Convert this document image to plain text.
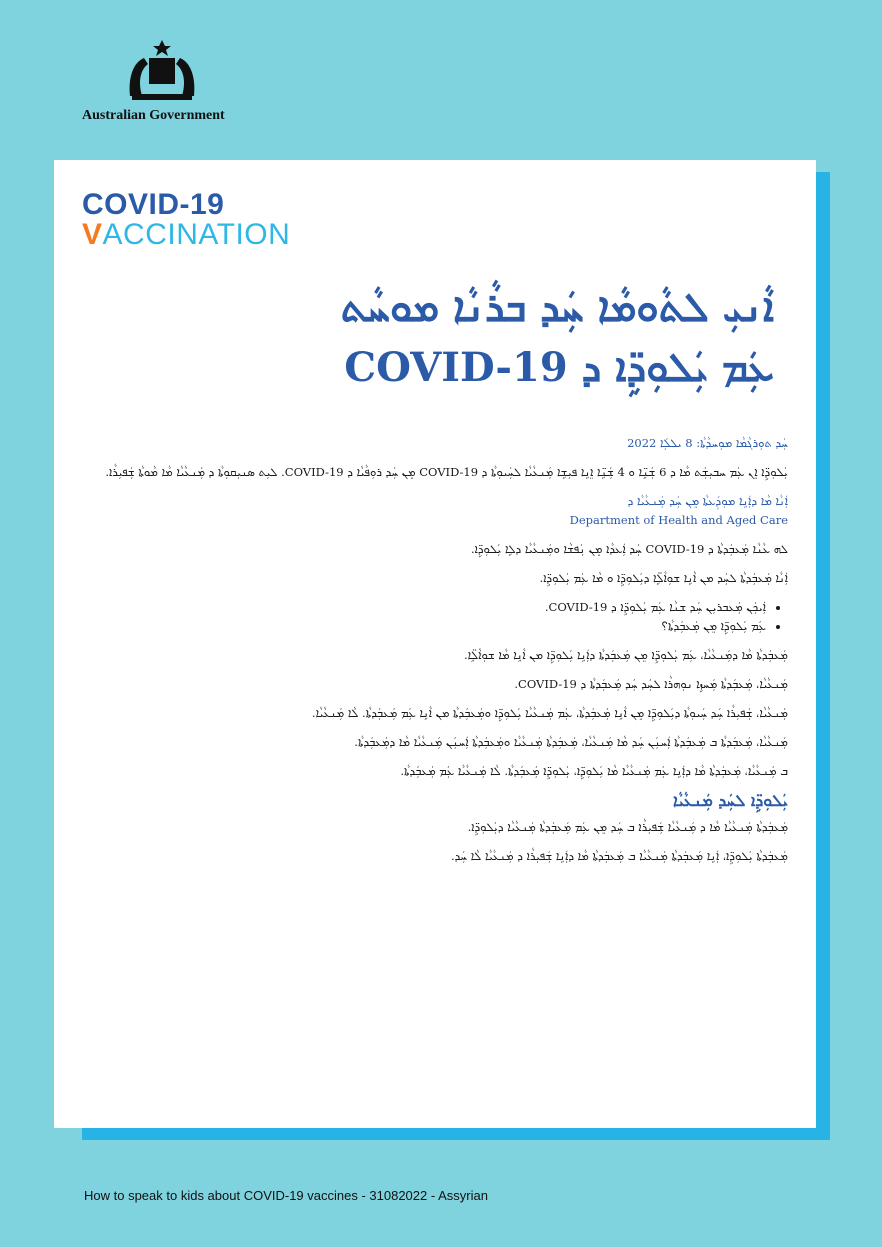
Australian Government
COVID-19
VACCINATION
ܐܵܢܝܼ ܠܬܵܘܡܵܐ ܚܲܕ ܒܪܵܢܵܐ ܡܘܚܵܬ
ܥܲܡ ܝܲܠܘܼܕܹ̈ܐ ܕ COVID-19
ܚܲܕ ܬܘܼܪܓܵܡܵܐ ܡܘܼܚܕܵܬܵܐ: 8 ܝܠܠܲܐ 2022

ܝܲܠܘܼܕܹ̈ܐ ܐܸܢ ܥܲܡ ܚܒܝܼܫܲܬ ܡܵܐ ܕ 6 ܫܲܢܹ̈ܐ ܘ 4 ܫܲܢܹ̈ܐ ܐܸܢܹܐ ܦܝܼܫܹܐ ܡܲܢܥܵܝܵܐ ܠܚܲܝܘܼܬܵܐ ܕ COVID-19 ܡܸܢ ܚܲܕ ܪܘܼܦܵܝܵܐ ܕ COVID-19. ܠܝܼܬ ܣܢܝܼܩܘܼܬܵܐ ܕ ܡܲܢܥܵܝܵܐ ܡܵܐ ܡܵܘܬܵܐ ܫܲܦܝܼܪܵܐ.

ܐܲܢܵܐ ܡܵܐ ܕܐܲܢܹܐ ܡܘܼܕܲܥܬܵܐ ܡܸܢ ܚܲܕ ܡܲܢܥܵܝܵܐ ܕ
Department of Health and Aged Care

ܠܗ ܥܵܢܵܐ ܡܲܥܒܲܕܬܵܐ ܕ COVID-19 ܚܲܕ ܐܲܥܕܵܐ ܡܸܢ ܢܲܦܫܵܐ ܘܡܲܢܥܵܝܵܐ ܕܠܹܐ ܝܲܠܘܼܕܹ̈ܐ.

ܐܲܢܵܐ ܡܲܥܒܲܕܬܵܐ ܠܚܲܕ ܡܢ ܐܵܢܹܐ ܫܘܼܐܵܠܹ̈ܐ ܕܝܲܠܘܼܕܹ̈ܐ ܘ ܡܵܐ ܥܲܡ ܝܲܠܘܼܕܹ̈ܐ.

• ܐܲܝܟܲܢ ܡܲܥܒܪܝܼܢ ܚܲܕ ܫܢܵܐ ܥܲܡ ܝܲܠܘܼܕܹ̈ܐ ܕ COVID-19.
• ܥܲܡ ܝܲܠܘܼܕܹ̈ܐ ܡܸܢ ܡܲܥܒܲܕܬܵܐ؟

ܡܲܥܒܲܕܬܵܐ ܡܵܐ ܕܡܲܢܥܵܝܵܐ، ܥܲܡ ܝܲܠܘܼܕܹ̈ܐ ܡܸܢ ܡܲܥܒܲܕܬܵܐ ܕܐܲܢܹܐ ܝܲܠܘܼܕܹ̈ܐ ܡܢ ܐܵܢܹܐ ܡܵܐ ܫܘܼܐܵܠܹ̈ܐ.

ܡܲܢܥܵܝܵܐ، ܡܲܥܒܲܕܬܵܐ ܡܲܚܙܹܐ ܢܘܼܗܪܵܐ ܠܚܲܕ ܚܲܕ ܡܲܥܒܲܕܬܵܐ ܕ COVID-19.

ܡܲܢܥܵܝܵܐ، ܫܲܦܝܼܪܵܐ ܚܲܕ ܚܲܝܘܼܬܵܐ ܕܝܲܠܘܼܕܹ̈ܐ ܡܸܢ ܐܵܢܹܐ ܡܲܥܒܲܕܬܵܐ، ܥܲܡ ܡܲܢܥܵܝܵܐ ܝܲܠܘܼܕܹ̈ܐ ܘܡܲܥܒܲܕܬܵܐ ܡܢ ܐܵܢܹܐ ܥܲܡ ܡܲܥܒܲܕܬܵܐ. ܠܵܐ ܡܲܢܥܵܝܵܐ.

ܡܲܢܥܵܝܵܐ، ܡܲܥܒܲܕܬܵܐ ܒ ܡܲܥܒܲܕܬܵܐ ܐܲܚܢܲܢ ܚܲܕ ܡܵܐ ܡܲܢܥܵܝܵܐ، ܡܲܥܒܲܕܬܵܐ ܡܲܢܥܵܝܵܐ ܘܡܲܥܒܲܕܬܵܐ ܐܲܚܢܲܢ ܡܲܢܥܵܝܵܐ ܡܵܐ ܕܡܲܥܒܲܕܬܵܐ.

ܒ ܡܲܢܥܵܝܵܐ، ܡܲܥܒܲܕܬܵܐ ܡܵܐ ܕܐܲܢܹܐ ܥܲܡ ܡܲܢܥܵܝܵܐ ܡܵܐ ܝܲܠܘܼܕܹ̈ܐ، ܝܲܠܘܼܕܹ̈ܐ ܡܲܥܒܲܕܬܵܐ. ܠܵܐ ܡܲܢܥܵܝܵܐ ܥܲܡ ܡܲܥܒܲܕܬܵܐ.

ܝܲܠܘܼܕܹ̈ܐ ܠܚܲܕ ܡܲܢܥܵܝܵܐ

ܡܲܥܒܲܕܬܵܐ ܡܲܢܥܵܝܵܐ ܡܵܐ ܕ ܡܲܢܥܵܝܵܐ ܫܲܦܝܼܪܵܐ ܒ ܚܲܕ ܡܸܢ ܥܲܡ ܡܲܥܒܲܕܬܵܐ ܡܲܢܥܵܝܵܐ ܕܝܲܠܘܼܕܹ̈ܐ.

ܡܲܥܒܲܕܬܵܐ ܝܲܠܘܼܕܹ̈ܐ، ܐܲܢܹܐ ܡܲܥܒܲܕܬܵܐ ܡܲܢܥܵܝܵܐ ܒ ܡܲܥܒܲܕܬܵܐ ܡܵܐ ܕܐܲܢܹܐ ܫܲܦܝܼܪܵܐ ܕ ܡܲܢܥܵܝܵܐ ܠܵܐ ܚܲܕ.

How to speak to kids about COVID-19 vaccines - 31082022 - Assyrian
